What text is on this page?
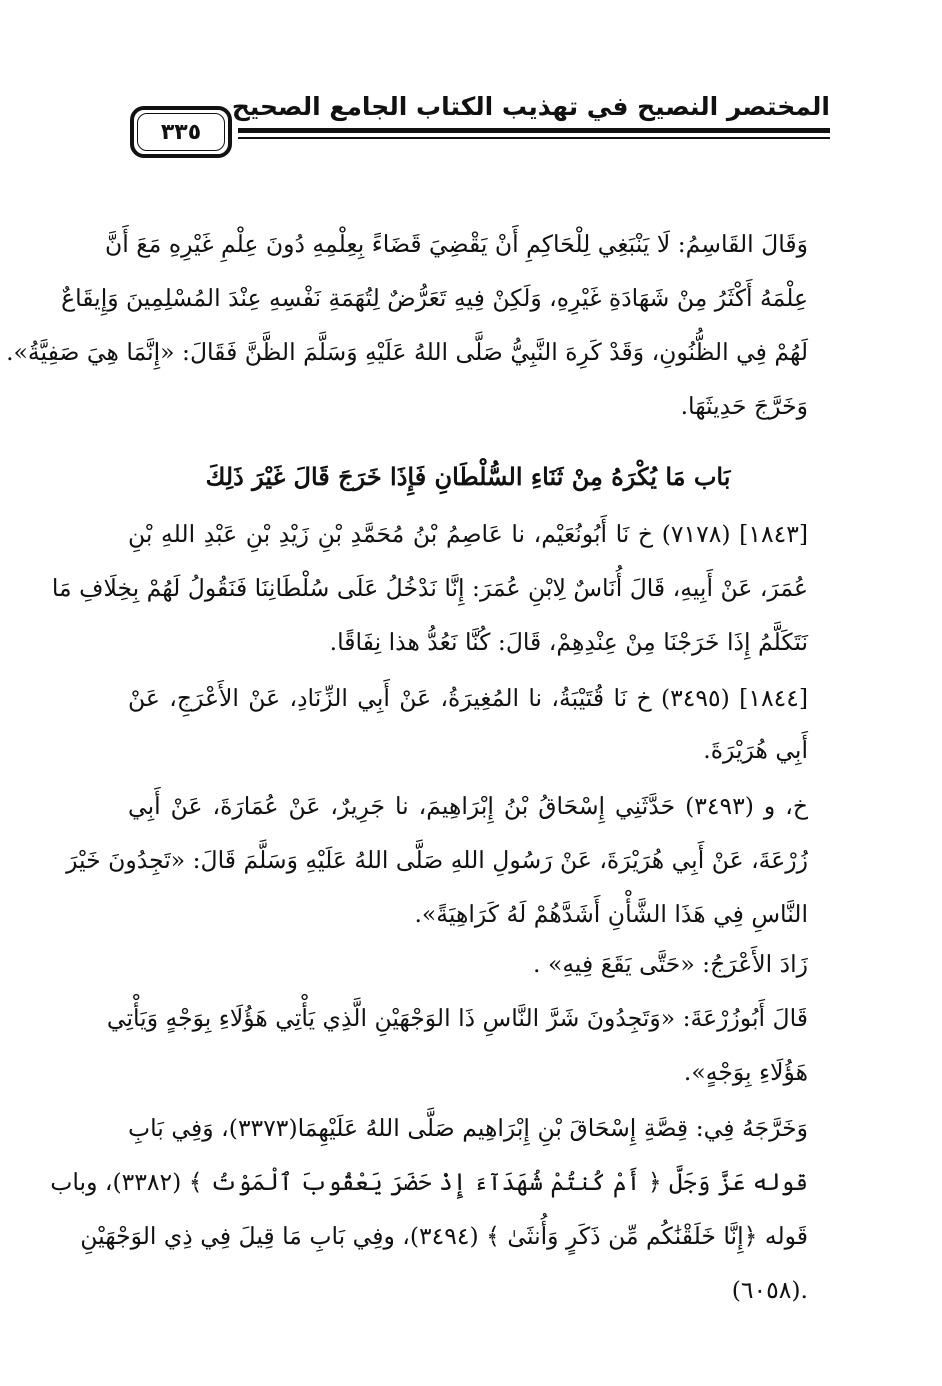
المختصر النصيح في تهذيب الكتاب الجامع الصحيح
٣٣٥
وَقَالَ القَاسِمُ: لَا يَنْبَغِي لِلْحَاكِمِ أَنْ يَقْضِيَ قَضَاءً بِعِلْمِهِ دُونَ عِلْمِ غَيْرِهِ مَعَ أَنَّ
عِلْمَهُ أَكْثَرُ مِنْ شَهَادَةِ غَيْرِهِ، وَلَكِنْ فِيهِ تَعَرُّضٌ لِتُهَمَةِ نَفْسِهِ عِنْدَ المُسْلِمِينَ وَإِيقَاعٌ
لَهُمْ فِي الظُّنُونِ، وَقَدْ كَرِهَ النَّبِيُّ صَلَّى اللهُ عَلَيْهِ وَسَلَّمَ الظَّنَّ فَقَالَ: «إِنَّمَا هِيَ صَفِيَّةُ».
وَخَرَّجَ حَدِيثَهَا.
بَاب مَا يُكْرَهُ مِنْ ثَنَاءِ السُّلْطَانِ فَإِذَا خَرَجَ قَالَ غَيْرَ ذَلِكَ
[١٨٤٣] (٧١٧٨) خ نَا أَبُونُعَيْم، نا عَاصِمُ بْنُ مُحَمَّدِ بْنِ زَيْدِ بْنِ عَبْدِ اللهِ بْنِ
عُمَرَ، عَنْ أَبِيهِ، قَالَ أُنَاسٌ لِابْنِ عُمَرَ: إِنَّا نَدْخُلُ عَلَى سُلْطَانِنَا فَنَقُولُ لَهُمْ بِخِلَافِ مَا
نَتَكَلَّمُ إِذَا خَرَجْنَا مِنْ عِنْدِهِمْ، قَالَ: كُنَّا نَعُدُّ هذا نِفَاقًا.
[١٨٤٤] (٣٤٩٥) خ نَا قُتَيْبَةُ، نا المُغِيرَةُ، عَنْ أَبِي الزِّنَادِ، عَنْ الأَعْرَجِ، عَنْ
أَبِي هُرَيْرَةَ.
خ، و (٣٤٩٣) حَدَّثَنِي إِسْحَاقُ بْنُ إِبْرَاهِيمَ، نا جَرِيرٌ، عَنْ عُمَارَةَ، عَنْ أَبِي
زُرْعَةَ، عَنْ أَبِي هُرَيْرَةَ، عَنْ رَسُولِ اللهِ صَلَّى اللهُ عَلَيْهِ وَسَلَّمَ قَالَ: «تَجِدُونَ خَيْرَ
النَّاسِ فِي هَذَا الشَّأْنِ أَشَدَّهُمْ لَهُ كَرَاهِيَةً».
زَادَ الأَعْرَجُ: «حَتَّى يَقَعَ فِيهِ» .
قَالَ أَبُوزُرْعَةَ: «وَتَجِدُونَ شَرَّ النَّاسِ ذَا الوَجْهَيْنِ الَّذِي يَأْتِي هَؤُلَاءِ بِوَجْهٍ وَيَأْتِي
هَؤُلَاءِ بِوَجْهٍ».
وَخَرَّجَهُ فِي: قِصَّةِ إِسْحَاقَ بْنِ إِبْرَاهِيم صَلَّى اللهُ عَلَيْهِمَا(٣٣٧٣)، وَفِي بَابِ
قوله عَزَّ وَجَلَّ ﴿ أَمْ كُنتُمْ شُهَدَآءَ إِذْ حَضَرَ يَعْقُوبَ ٱلْمَوْتُ ﴾ (٣٣٨٢)، وباب
قَوله ﴿إِنَّا خَلَقْنَٰكُم مِّن ذَكَرٍ وَأُنثَىٰ ﴾ (٣٤٩٤)، وفِي بَابِ مَا قِيلَ فِي ذِي الوَجْهَيْنِ
.(٦٠٥٨)
